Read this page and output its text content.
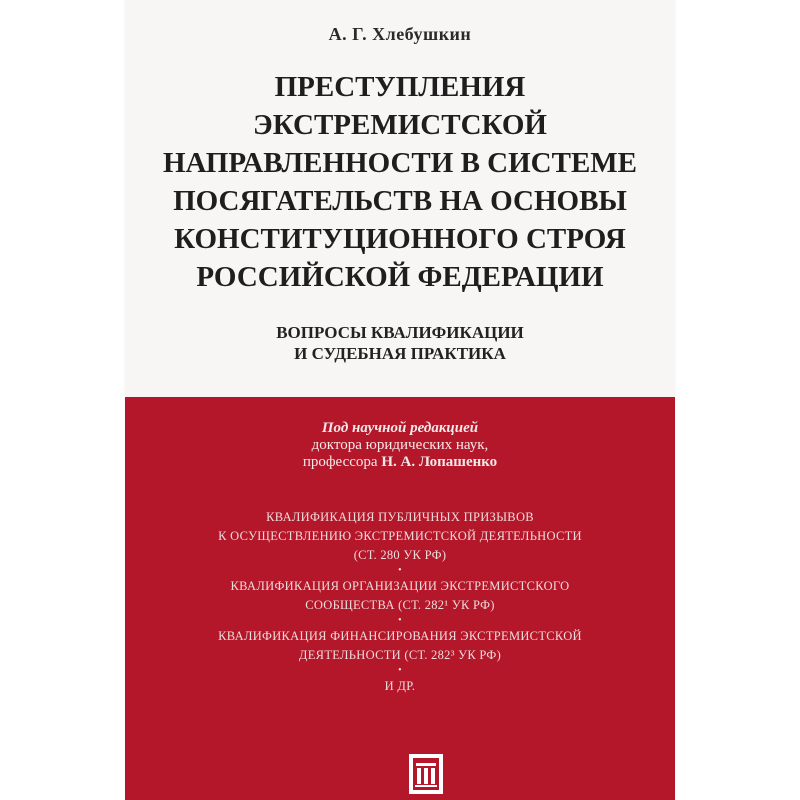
А. Г. Хлебушкин
ПРЕСТУПЛЕНИЯ
ЭКСТРЕМИСТСКОЙ
НАПРАВЛЕННОСТИ В СИСТЕМЕ
ПОСЯГАТЕЛЬСТВ НА ОСНОВЫ
КОНСТИТУЦИОННОГО СТРОЯ
РОССИЙСКОЙ ФЕДЕРАЦИИ
ВОПРОСЫ КВАЛИФИКАЦИИ
И СУДЕБНАЯ ПРАКТИКА
Под научной редакцией
доктора юридических наук,
профессора Н. А. Лопашенко
КВАЛИФИКАЦИЯ ПУБЛИЧНЫХ ПРИЗЫВОВ
К ОСУЩЕСТВЛЕНИЮ ЭКСТРЕМИСТСКОЙ ДЕЯТЕЛЬНОСТИ
(СТ. 280 УК РФ)
•
КВАЛИФИКАЦИЯ ОРГАНИЗАЦИИ ЭКСТРЕМИСТСКОГО
СООБЩЕСТВА (СТ. 282¹ УК РФ)
•
КВАЛИФИКАЦИЯ ФИНАНСИРОВАНИЯ ЭКСТРЕМИСТСКОЙ
ДЕЯТЕЛЬНОСТИ (СТ. 282³ УК РФ)
•
И ДР.
